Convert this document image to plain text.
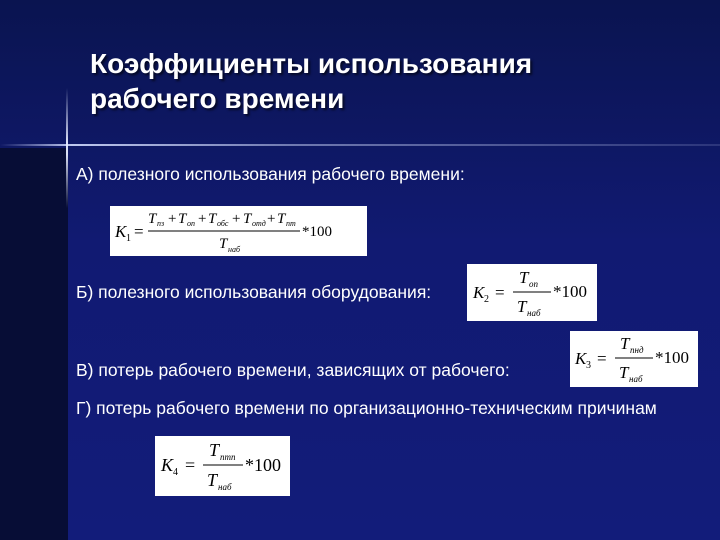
Коэффициенты использования
рабочего времени
А) полезного использования рабочего времени:
K 1 =
T пз + T оп + T обс + T отд + T пт
T наб
*100
Б) полезного использования оборудования: K 2 =
T оп
T наб
*100
В) потерь рабочего времени, зависящих от рабочего:
K 3 =
T пнд
T наб
*100
Г) потерь рабочего времени по организационно-техническим причинам
K 4 =
T птп
T наб
*100
